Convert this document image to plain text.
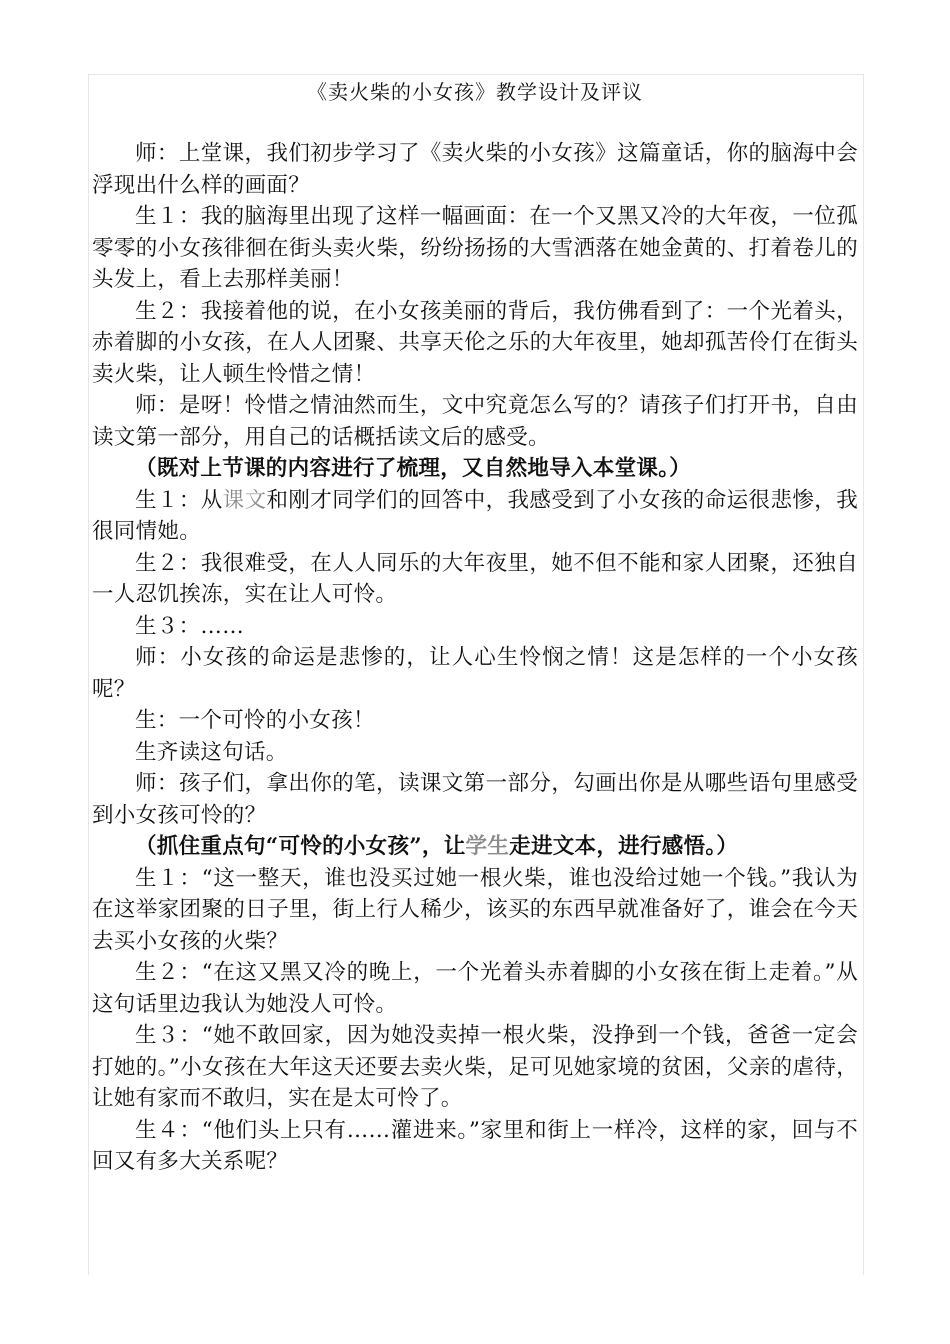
《卖火柴的小女孩》教学设计及评议

师：上堂课，我们初步学习了《卖火柴的小女孩》这篇童话，你的脑海中会浮现出什么样的画面？

生１：我的脑海里出现了这样一幅画面：在一个又黑又冷的大年夜，一位孤零零的小女孩徘徊在街头卖火柴，纷纷扬扬的大雪洒落在她金黄的、打着卷儿的头发上，看上去那样美丽！

生２：我接着他的说，在小女孩美丽的背后，我仿佛看到了：一个光着头，赤着脚的小女孩，在人人团聚、共享天伦之乐的大年夜里，她却孤苦伶仃在街头卖火柴，让人顿生怜惜之情！

师：是呀！怜惜之情油然而生，文中究竟怎么写的？请孩子们打开书，自由读文第一部分，用自己的话概括读文后的感受。

（既对上节课的内容进行了梳理，又自然地导入本堂课。）

生１：从课文和刚才同学们的回答中，我感受到了小女孩的命运很悲惨，我很同情她。

生２：我很难受，在人人同乐的大年夜里，她不但不能和家人团聚，还独自一人忍饥挨冻，实在让人可怜。

生３：……

师：小女孩的命运是悲惨的，让人心生怜悯之情！这是怎样的一个小女孩呢？

生：一个可怜的小女孩！

生齐读这句话。

师：孩子们，拿出你的笔，读课文第一部分，勾画出你是从哪些语句里感受到小女孩可怜的？

（抓住重点句“可怜的小女孩”，让学生走进文本，进行感悟。）

生１：“这一整天，谁也没买过她一根火柴，谁也没给过她一个钱。”我认为在这举家团聚的日子里，街上行人稀少，该买的东西早就准备好了，谁会在今天去买小女孩的火柴？

生２：“在这又黑又冷的晚上，一个光着头赤着脚的小女孩在街上走着。”从这句话里边我认为她没人可怜。

生３：“她不敢回家，因为她没卖掉一根火柴，没挣到一个钱，爸爸一定会打她的。”小女孩在大年这天还要去卖火柴，足可见她家境的贫困，父亲的虐待，让她有家而不敢归，实在是太可怜了。

生４：“他们头上只有……灌进来。”家里和街上一样冷，这样的家，回与不回又有多大关系呢？
